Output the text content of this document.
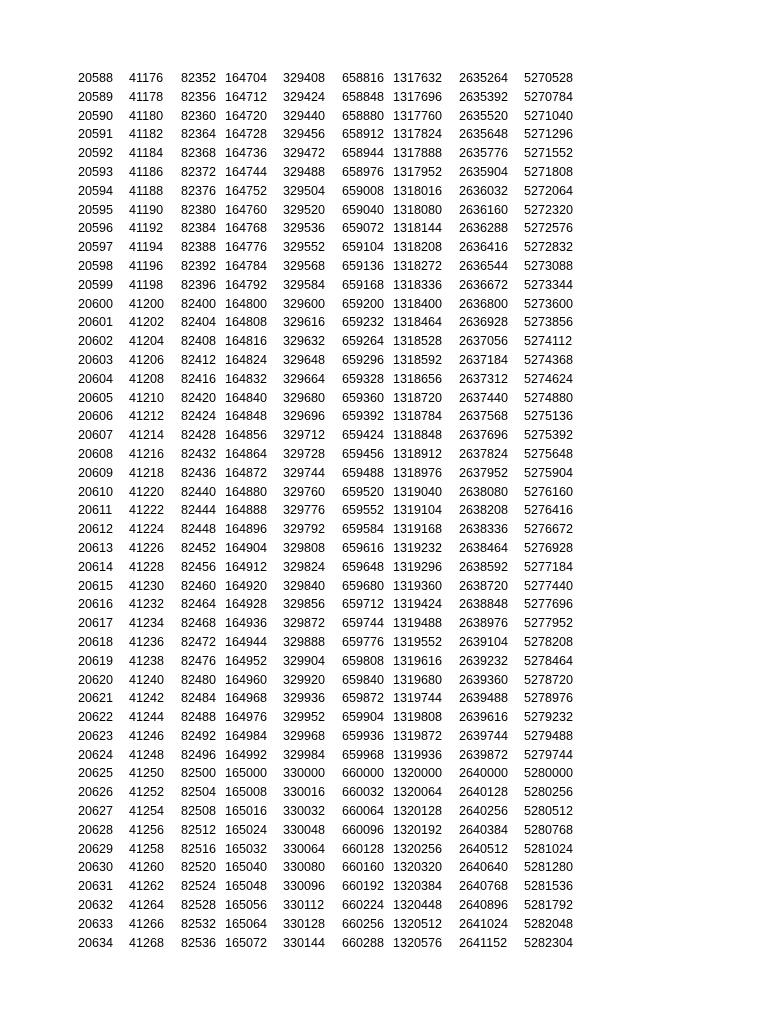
20588	41176	82352	164704	329408	658816	1317632	2635264	5270528
20589	41178	82356	164712	329424	658848	1317696	2635392	5270784
20590	41180	82360	164720	329440	658880	1317760	2635520	5271040
20591	41182	82364	164728	329456	658912	1317824	2635648	5271296
20592	41184	82368	164736	329472	658944	1317888	2635776	5271552
20593	41186	82372	164744	329488	658976	1317952	2635904	5271808
20594	41188	82376	164752	329504	659008	1318016	2636032	5272064
20595	41190	82380	164760	329520	659040	1318080	2636160	5272320
20596	41192	82384	164768	329536	659072	1318144	2636288	5272576
20597	41194	82388	164776	329552	659104	1318208	2636416	5272832
20598	41196	82392	164784	329568	659136	1318272	2636544	5273088
20599	41198	82396	164792	329584	659168	1318336	2636672	5273344
20600	41200	82400	164800	329600	659200	1318400	2636800	5273600
20601	41202	82404	164808	329616	659232	1318464	2636928	5273856
20602	41204	82408	164816	329632	659264	1318528	2637056	5274112
20603	41206	82412	164824	329648	659296	1318592	2637184	5274368
20604	41208	82416	164832	329664	659328	1318656	2637312	5274624
20605	41210	82420	164840	329680	659360	1318720	2637440	5274880
20606	41212	82424	164848	329696	659392	1318784	2637568	5275136
20607	41214	82428	164856	329712	659424	1318848	2637696	5275392
20608	41216	82432	164864	329728	659456	1318912	2637824	5275648
20609	41218	82436	164872	329744	659488	1318976	2637952	5275904
20610	41220	82440	164880	329760	659520	1319040	2638080	5276160
20611	41222	82444	164888	329776	659552	1319104	2638208	5276416
20612	41224	82448	164896	329792	659584	1319168	2638336	5276672
20613	41226	82452	164904	329808	659616	1319232	2638464	5276928
20614	41228	82456	164912	329824	659648	1319296	2638592	5277184
20615	41230	82460	164920	329840	659680	1319360	2638720	5277440
20616	41232	82464	164928	329856	659712	1319424	2638848	5277696
20617	41234	82468	164936	329872	659744	1319488	2638976	5277952
20618	41236	82472	164944	329888	659776	1319552	2639104	5278208
20619	41238	82476	164952	329904	659808	1319616	2639232	5278464
20620	41240	82480	164960	329920	659840	1319680	2639360	5278720
20621	41242	82484	164968	329936	659872	1319744	2639488	5278976
20622	41244	82488	164976	329952	659904	1319808	2639616	5279232
20623	41246	82492	164984	329968	659936	1319872	2639744	5279488
20624	41248	82496	164992	329984	659968	1319936	2639872	5279744
20625	41250	82500	165000	330000	660000	1320000	2640000	5280000
20626	41252	82504	165008	330016	660032	1320064	2640128	5280256
20627	41254	82508	165016	330032	660064	1320128	2640256	5280512
20628	41256	82512	165024	330048	660096	1320192	2640384	5280768
20629	41258	82516	165032	330064	660128	1320256	2640512	5281024
20630	41260	82520	165040	330080	660160	1320320	2640640	5281280
20631	41262	82524	165048	330096	660192	1320384	2640768	5281536
20632	41264	82528	165056	330112	660224	1320448	2640896	5281792
20633	41266	82532	165064	330128	660256	1320512	2641024	5282048
20634	41268	82536	165072	330144	660288	1320576	2641152	5282304
